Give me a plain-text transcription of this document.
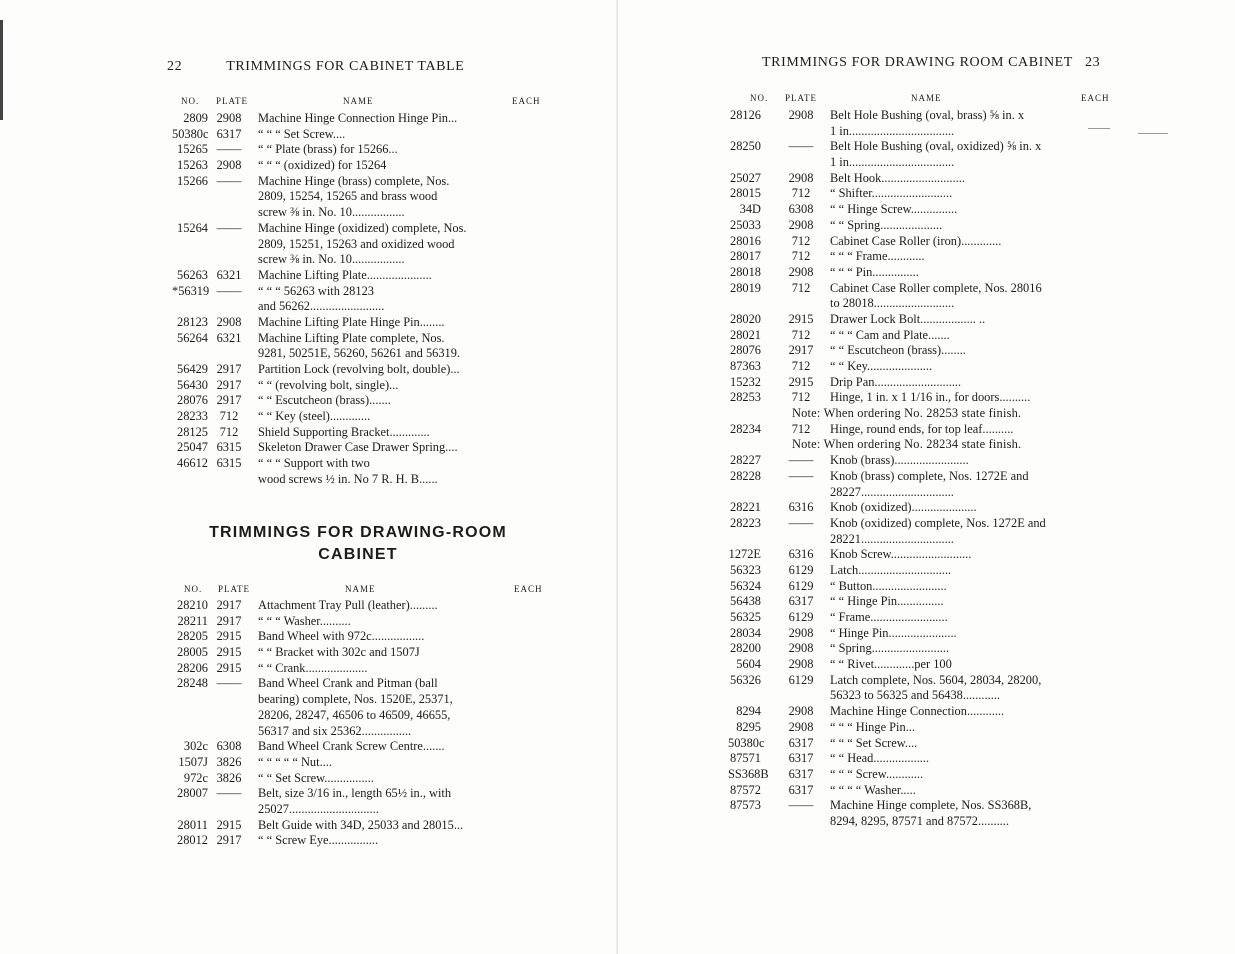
22	TRIMMINGS FOR CABINET TABLE
NO. PLATE	NAME	EACH
2809 2908	Machine Hinge Connection Hinge Pin...
50380c 6317	“ “ “ Set Screw....
15265 ——	“ “ Plate (brass) for 15266...
15263 2908	“ “ “ (oxidized) for 15264
15266 ——	Machine Hinge (brass) complete, Nos.
2809, 15254, 15265 and brass wood
screw ⅜ in. No. 10.................
15264 ——	Machine Hinge (oxidized) complete, Nos.
2809, 15251, 15263 and oxidized wood
screw ⅜ in. No. 10.................
56263 6321	Machine Lifting Plate.....................
*56319 ——	“ “ “ 56263 with 28123
and 56262........................
28123 2908	Machine Lifting Plate Hinge Pin........
56264 6321	Machine Lifting Plate complete, Nos.
9281, 50251E, 56260, 56261 and 56319.
56429 2917	Partition Lock (revolving bolt, double)...
56430 2917	“ “ (revolving bolt, single)...
28076 2917	“ “ Escutcheon (brass).......
28233 712	“ “ Key (steel).............
28125 712	Shield Supporting Bracket.............
25047 6315	Skeleton Drawer Case Drawer Spring....
46612 6315	“ “ “ Support with two
wood screws ½ in. No 7 R. H. B......
TRIMMINGS FOR DRAWING-ROOM
CABINET
NO. PLATE	NAME	EACH
28210 2917	Attachment Tray Pull (leather).........
28211 2917	“ “ “ Washer..........
28205 2915	Band Wheel with 972c.................
28005 2915	“ “ Bracket with 302c and 1507J
28206 2915	“ “ Crank....................
28248 ——	Band Wheel Crank and Pitman (ball
bearing) complete, Nos. 1520E, 25371,
28206, 28247, 46506 to 46509, 46655,
56317 and six 25362................
302c 6308	Band Wheel Crank Screw Centre.......
1507J 3826	“ “ “ “ “ Nut....
972c 3826	“ “ Set Screw................
28007 ——	Belt, size 3/16 in., length 65½ in., with
25027.............................
28011 2915	Belt Guide with 34D, 25033 and 28015...
28012 2917	“ “ Screw Eye................
TRIMMINGS FOR DRAWING ROOM CABINET 23
NO. PLATE	NAME	EACH
28126	2908	Belt Hole Bushing (oval, brass) ⅝ in. x
1 in..................................
28250	——	Belt Hole Bushing (oval, oxidized) ⅝ in. x
1 in..................................
25027	2908	Belt Hook...........................
28015	712	“ Shifter..........................
34D	6308	“ “ Hinge Screw...............
25033	2908	“ “ Spring....................
28016	712	Cabinet Case Roller (iron).............
28017	712	“ “ “ Frame............
28018	2908	“ “ “ Pin...............
28019	712	Cabinet Case Roller complete, Nos. 28016
to 28018..........................
28020	2915	Drawer Lock Bolt.................. ..
28021	712	“ “ “ Cam and Plate.......
28076	2917	“ “ Escutcheon (brass)........
87363	712	“ “ Key.....................
15232	2915	Drip Pan............................
28253	712	Hinge, 1 in. x 1 1/16 in., for doors..........
Note: When ordering No. 28253 state finish.
28234	712	Hinge, round ends, for top leaf..........
Note: When ordering No. 28234 state finish.
28227	——	Knob (brass)........................
28228	——	Knob (brass) complete, Nos. 1272E and
28227..............................
28221	6316	Knob (oxidized).....................
28223	——	Knob (oxidized) complete, Nos. 1272E and
28221..............................
1272E	6316	Knob Screw..........................
56323	6129	Latch..............................
56324	6129	“ Button........................
56438	6317	“ “ Hinge Pin...............
56325	6129	“ Frame.........................
28034	2908	“ Hinge Pin......................
28200	2908	“ Spring.........................
5604	2908	“ “ Rivet.............per 100
56326	6129	Latch complete, Nos. 5604, 28034, 28200,
56323 to 56325 and 56438............
8294	2908	Machine Hinge Connection............
8295	2908	“ “ “ Hinge Pin...
50380c	6317	“ “ “ Set Screw....
87571	6317	“ “ Head..................
SS368B	6317	“ “ “ Screw............
87572	6317	“ “ “ “ Washer.....
87573	——	Machine Hinge complete, Nos. SS368B,
8294, 8295, 87571 and 87572..........
